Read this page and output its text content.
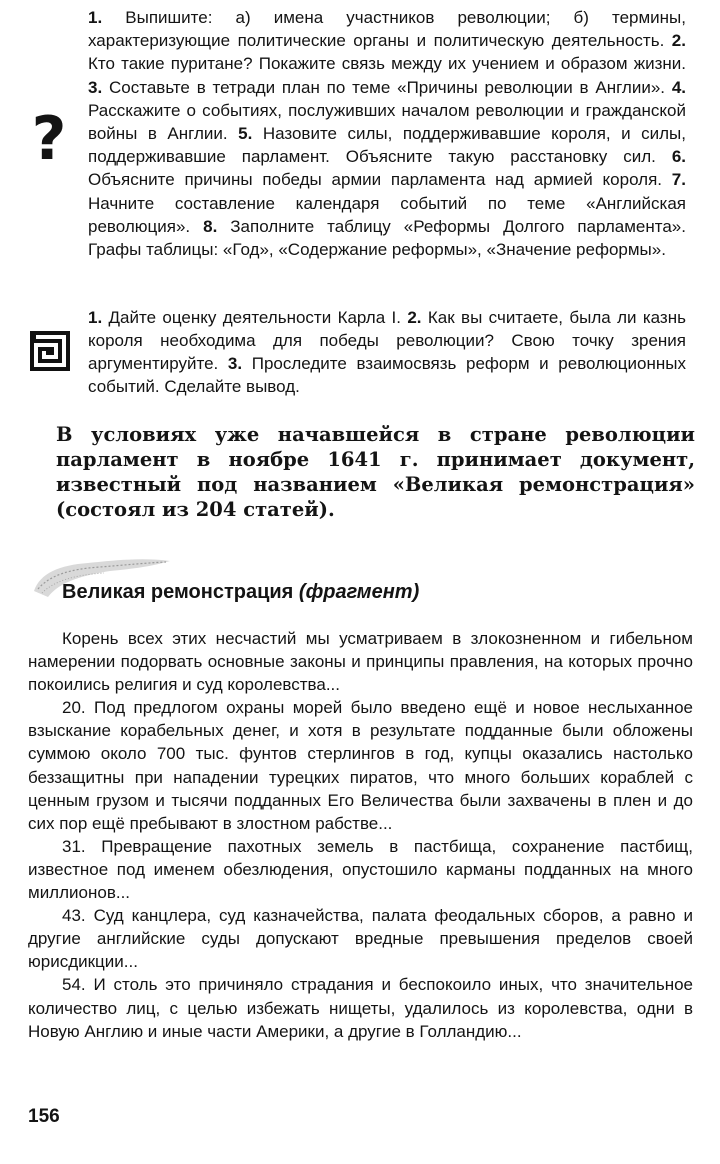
?
1. Выпишите: а) имена участников революции; б) термины, характеризующие политические органы и политическую деятельность. 2. Кто такие пуритане? Покажите связь между их учением и образом жизни. 3. Составьте в тетради план по теме «Причины революции в Англии». 4. Расскажите о событиях, послуживших началом революции и гражданской войны в Англии. 5. Назовите силы, поддерживавшие короля, и силы, поддерживавшие парламент. Объясните такую расстановку сил. 6. Объясните причины победы армии парламента над армией короля. 7. Начните составление календаря событий по теме «Английская революция». 8. Заполните таблицу «Реформы Долгого парламента». Графы таблицы: «Год», «Содержание реформы», «Значение реформы».
1. Дайте оценку деятельности Карла I. 2. Как вы считаете, была ли казнь короля необходима для победы революции? Свою точку зрения аргументируйте. 3. Проследите взаимосвязь реформ и революционных событий. Сделайте вывод.
В условиях уже начавшейся в стране революции парламент в ноябре 1641 г. принимает документ, известный под названием «Великая ремонстрация» (состоял из 204 статей).
Великая ремонстрация (фрагмент)

Корень всех этих несчастий мы усматриваем в злокозненном и гибельном намерении подорвать основные законы и принципы правления, на которых прочно покоились религия и суд королевства...

20. Под предлогом охраны морей было введено ещё и новое неслыханное взыскание корабельных денег, и хотя в результате подданные были обложены суммою около 700 тыс. фунтов стерлингов в год, купцы оказались настолько беззащитны при нападении турецких пиратов, что много больших кораблей с ценным грузом и тысячи подданных Его Величества были захвачены в плен и до сих пор ещё пребывают в злостном рабстве...

31. Превращение пахотных земель в пастбища, сохранение пастбищ, известное под именем обезлюдения, опустошило карманы подданных на много миллионов...

43. Суд канцлера, суд казначейства, палата феодальных сборов, а равно и другие английские суды допускают вредные превышения пределов своей юрисдикции...

54. И столь это причиняло страдания и беспокоило иных, что значительное количество лиц, с целью избежать нищеты, удалилось из королевства, одни в Новую Англию и иные части Америки, а другие в Голландию...

156
